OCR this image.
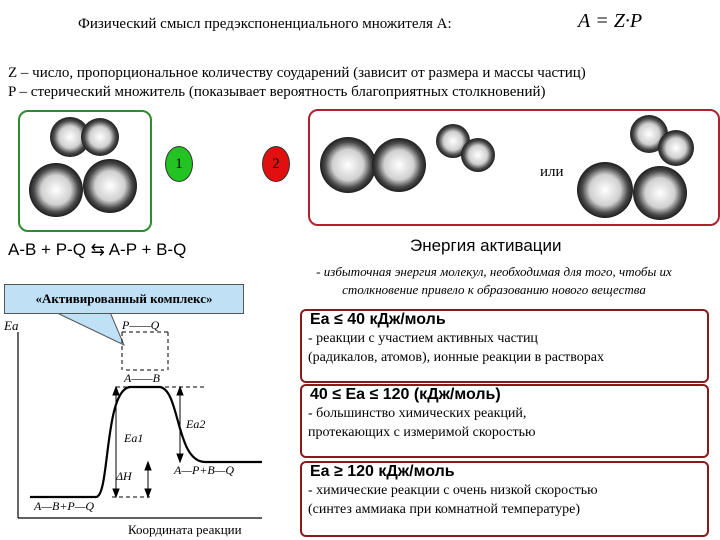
Физический смысл предэкспоненциального множителя А:	А = Z·P
Z – число, пропорциональное количеству соударений (зависит от размера и массы частиц)
P – стерический множитель (показывает вероятность благоприятных столкновений)
1	2	или
A-B + P-Q ⇆ A-P + B-Q
«Активированный комплекс»
P——Q
A——B
Ea1
Ea2
ΔH
A—B+P—Q
A—P+B—Q
Ea
Координата реакции
Энергия активации
- избыточная энергия молекул, необходимая для того, чтобы их столкновение привело к образованию нового вещества
Ea ≤ 40 кДж/моль
- реакции с участием активных частиц
(радикалов, атомов), ионные реакции в растворах
40 ≤ Ea ≤ 120 (кДж/моль)
- большинство химических реакций,
протекающих с измеримой скоростью
Ea ≥ 120 кДж/моль
- химические реакции с очень низкой скоростью
(синтез аммиака при комнатной температуре)
